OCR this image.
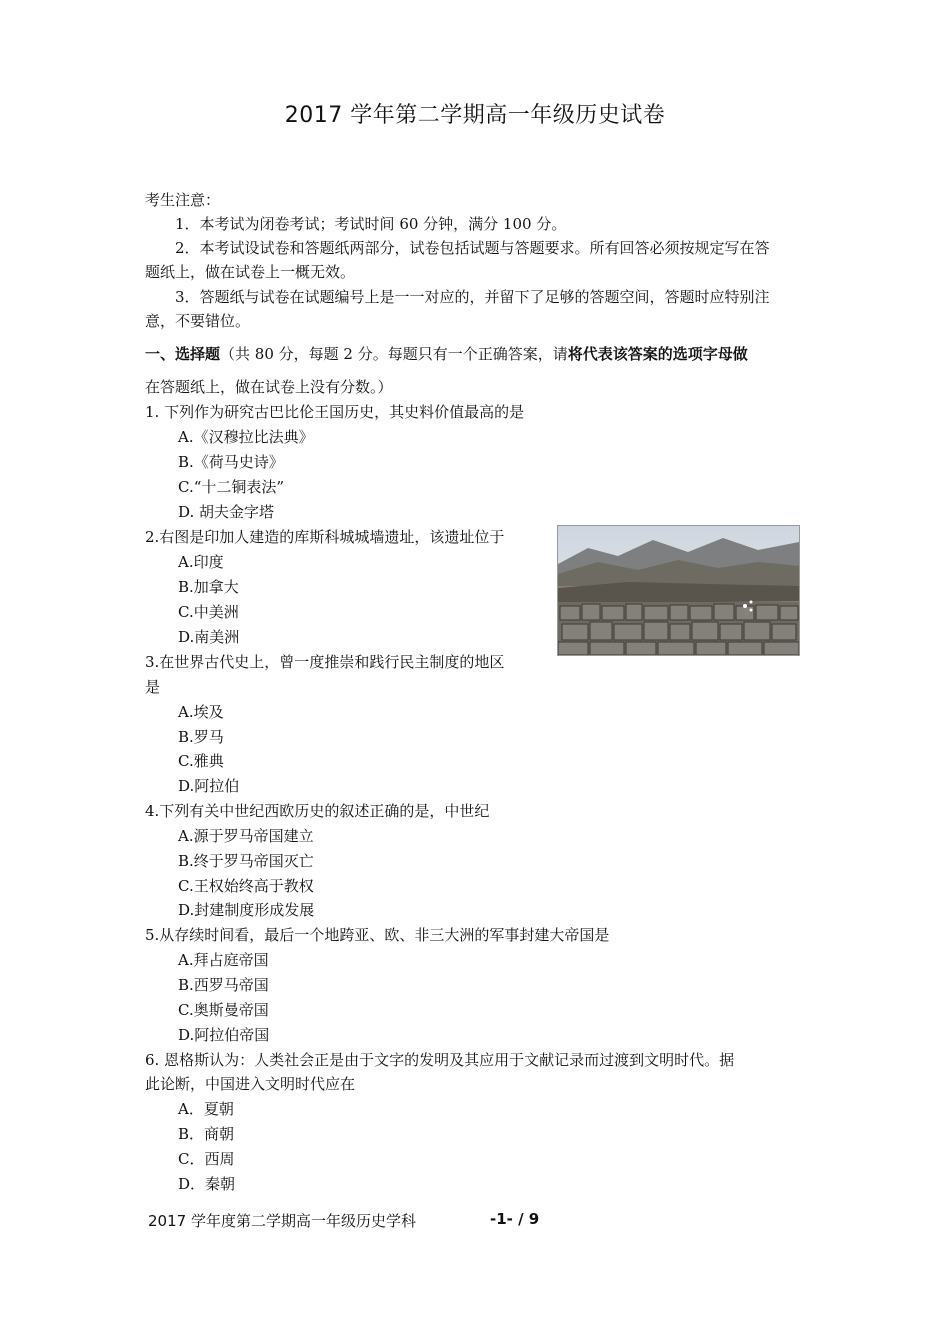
2017 学年第二学期高一年级历史试卷
考生注意：
1．本考试为闭卷考试；考试时间 60 分钟，满分 100 分。
2．本考试设试卷和答题纸两部分，试卷包括试题与答题要求。所有回答必须按规定写在答
题纸上，做在试卷上一概无效。
3．答题纸与试卷在试题编号上是一一对应的，并留下了足够的答题空间，答题时应特别注
意，不要错位。
一、选择题（共 80 分，每题 2 分。每题只有一个正确答案，请将代表该答案的选项字母做
在答题纸上，做在试卷上没有分数。）
1. 下列作为研究古巴比伦王国历史，其史料价值最高的是
A.《汉穆拉比法典》
B.《荷马史诗》
C.“十二铜表法”
D. 胡夫金字塔
2.右图是印加人建造的库斯科城城墙遗址，该遗址位于
A.印度
B.加拿大
C.中美洲
D.南美洲
3.在世界古代史上，曾一度推崇和践行民主制度的地区
是
A.埃及
B.罗马
C.雅典
D.阿拉伯
4.下列有关中世纪西欧历史的叙述正确的是，中世纪
A.源于罗马帝国建立
B.终于罗马帝国灭亡
C.王权始终高于教权
D.封建制度形成发展
5.从存续时间看，最后一个地跨亚、欧、非三大洲的军事封建大帝国是
A.拜占庭帝国
B.西罗马帝国
C.奥斯曼帝国
D.阿拉伯帝国
6. 恩格斯认为：人类社会正是由于文字的发明及其应用于文献记录而过渡到文明时代。据
此论断，中国进入文明时代应在
A．夏朝
B．商朝
C．西周
D．秦朝
2017 学年度第二学期高一年级历史学科	-1- / 9
